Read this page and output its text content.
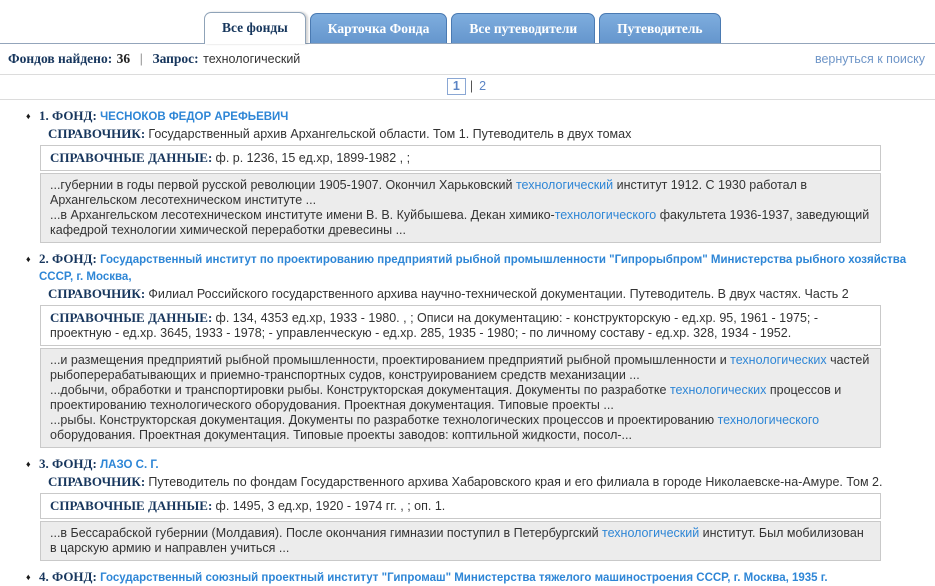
Все фонды	Карточка Фонда	Все путеводители	Путеводитель
Фондов найдено: 36 | Запрос: технологический	вернуться к поиску
1 | 2
♦ 1. ФОНД: ЧЕСНОКОВ ФЕДОР АРЕФЬЕВИЧ
СПРАВОЧНИК: Государственный архив Архангельской области. Том 1. Путеводитель в двух томах
СПРАВОЧНЫЕ ДАННЫЕ: ф. р. 1236, 15 ед.хр, 1899-1982 , ;
...губернии в годы первой русской революции 1905-1907. Окончил Харьковский технологический институт 1912. С 1930 работал в Архангельском лесотехническом институте ...
...в Архангельском лесотехническом институте имени В. В. Куйбышева. Декан химико-технологического факультета 1936-1937, заведующий кафедрой технологии химической переработки древесины ...
♦ 2. ФОНД: Государственный институт по проектированию предприятий рыбной промышленности "Гипрорыбпром" Министерства рыбного хозяйства СССР, г. Москва,
СПРАВОЧНИК: Филиал Российского государственного архива научно-технической документации. Путеводитель. В двух частях. Часть 2
СПРАВОЧНЫЕ ДАННЫЕ: ф. 134, 4353 ед.хр, 1933 - 1980. , ; Описи на документацию: - конструкторскую - ед.хр. 95, 1961 - 1975; - проектную - ед.хр. 3645, 1933 - 1978; - управленческую - ед.хр. 285, 1935 - 1980; - по личному составу - ед.хр. 328, 1934 - 1952.
...и размещения предприятий рыбной промышленности, проектированием предприятий рыбной промышленности и технологических частей рыбоперерабатывающих и приемно-транспортных судов, конструированием средств механизации ...
...добычи, обработки и транспортировки рыбы. Конструкторская документация. Документы по разработке технологических процессов и проектированию технологического оборудования. Проектная документация. Типовые проекты ...
...рыбы. Конструкторская документация. Документы по разработке технологических процессов и проектированию технологического оборудования. Проектная документация. Типовые проекты заводов: коптильной жидкости, посол-...
♦ 3. ФОНД: ЛАЗО С. Г.
СПРАВОЧНИК: Путеводитель по фондам Государственного архива Хабаровского края и его филиала в городе Николаевске-на-Амуре. Том 2.
СПРАВОЧНЫЕ ДАННЫЕ: ф. 1495, 3 ед.хр, 1920 - 1974 гг. , ; оп. 1.
...в Бессарабской губернии (Молдавия). После окончания гимназии поступил в Петербургский технологический институт. Был мобилизован в царскую армию и направлен учиться ...
♦ 4. ФОНД: Государственный союзный проектный институт "Гипромаш" Министерства тяжелого машиностроения СССР, г. Москва, 1935 г.
